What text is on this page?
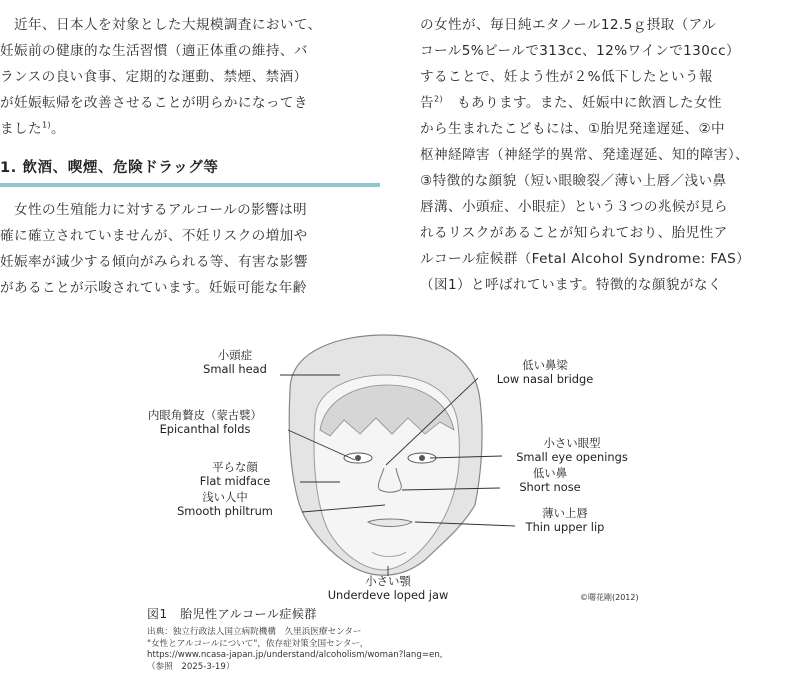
　近年、日本人を対象とした大規模調査において、
妊娠前の健康的な生活習慣（適正体重の維持、バ
ランスの良い食事、定期的な運動、禁煙、禁酒）
が妊娠転帰を改善させることが明らかになってき
ました$^{1)}$。

1. 飲酒、喫煙、危険ドラッグ等

　女性の生殖能力に対するアルコールの影響は明
確に確立されていませんが、不妊リスクの増加や
妊娠率が減少する傾向がみられる等、有害な影響
があることが示唆されています。妊娠可能な年齢

の女性が、毎日純エタノール12.5ｇ摂取（アル
コール5%ビールで313cc、12%ワインで130cc）
することで、妊よう性が２%低下したという報
告$^{2)}$　 もあります。また、妊娠中に飲酒した女性
から生まれたこどもには、①胎児発達遅延、②中
枢神経障害（神経学的異常、発達遅延、知的障害）、
③特徴的な顔貌（短い眼瞼裂／薄い上唇／浅い鼻
唇溝、小頭症、小眼症）という３つの兆候が見ら
れるリスクがあることが知られており、胎児性ア
ルコール症候群（Fetal Alcohol Syndrome: FAS）
（図1）と呼ばれています。特徴的な顔貌がなく

小頭症
Small head
内眼角贅皮（蒙古襞）
Epicanthal folds
平らな顔
Flat midface
浅い人中
Smooth philtrum
低い鼻梁
Low nasal bridge
小さい眼型
Small eye openings
低い鼻
Short nose
薄い上唇
Thin upper lip
小さい顎
Underdeve loped jaw	©曙花剛(2012)
図1　胎児性アルコール症候群
出典：独立行政法人国立病院機構　久里浜医療センター
"女性とアルコールについて"，依存症対策全国センター，
https://www.ncasa-japan.jp/understand/alcoholism/woman?lang=en,
（参照　2025-3-19）
